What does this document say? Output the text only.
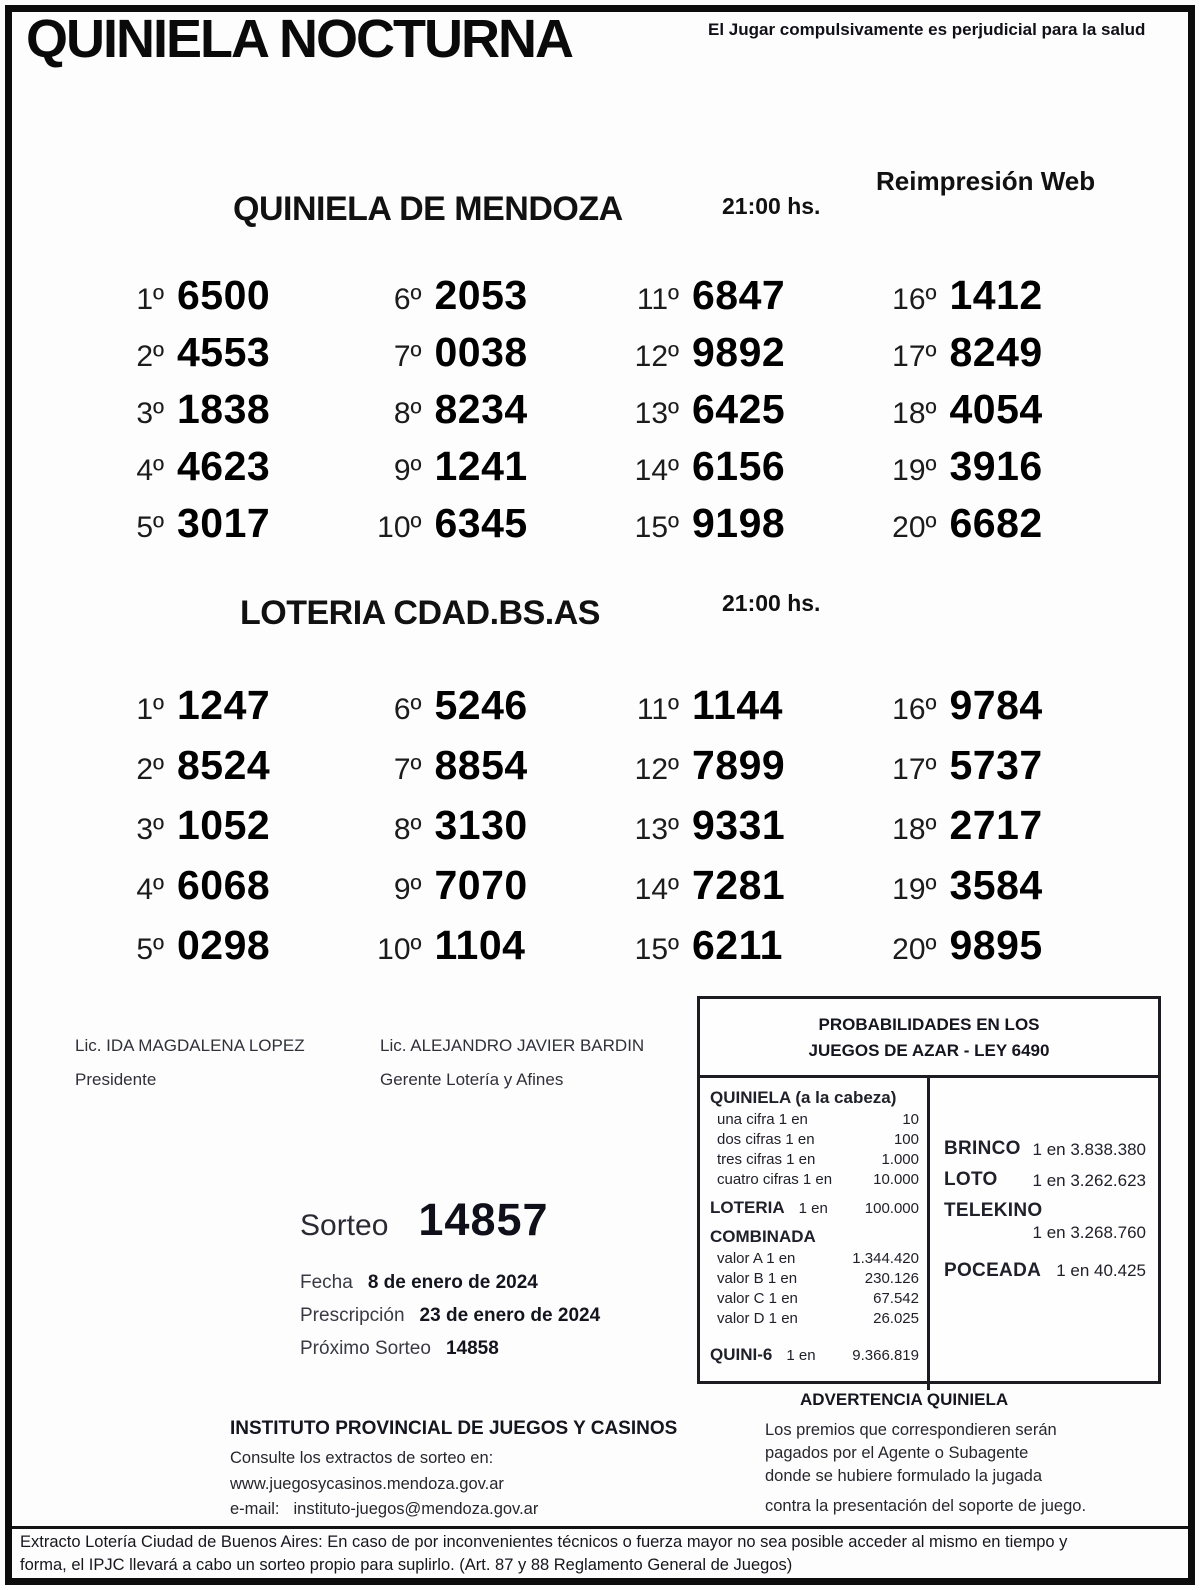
QUINIELA NOCTURNA	El Jugar compulsivamente es perjudicial para la salud
Reimpresión Web
QUINIELA DE MENDOZA	21:00 hs.
1º 6500
2º 4553
3º 1838
4º 4623
5º 3017
6º 2053
7º 0038
8º 8234
9º 1241
10º 6345
11º 6847
12º 9892
13º 6425
14º 6156
15º 9198
16º 1412
17º 8249
18º 4054
19º 3916
20º 6682
LOTERIA CDAD.BS.AS	21:00 hs.
1º 1247
2º 8524
3º 1052
4º 6068
5º 0298
6º 5246
7º 8854
8º 3130
9º 7070
10º 1104
11º 1144
12º 7899
13º 9331
14º 7281
15º 6211
16º 9784
17º 5737
18º 2717
19º 3584
20º 9895
Lic. IDA MAGDALENA LOPEZ
Presidente
Lic. ALEJANDRO JAVIER BARDIN
Gerente Lotería y Afines
PROBABILIDADES EN LOS
JUEGOS DE AZAR - LEY 6490
QUINIELA (a la cabeza)
una cifra 1 en	10
dos cifras 1 en	100
tres cifras 1 en	1.000
cuatro cifras 1 en	10.000
LOTERIA 1 en 100.000
COMBINADA
valor A 1 en	1.344.420
valor B 1 en	230.126
valor C 1 en	67.542
valor D 1 en	26.025
QUINI-6 1 en 9.366.819
BRINCO 1 en 3.838.380
LOTO 1 en 3.262.623
TELEKINO
1 en 3.268.760
POCEADA 1 en 40.425
Sorteo 14857
Fecha 8 de enero de 2024
Prescripción 23 de enero de 2024
Próximo Sorteo 14858
ADVERTENCIA QUINIELA
Los premios que correspondieren serán
pagados por el Agente o Subagente
donde se hubiere formulado la jugada
contra la presentación del soporte de juego.
INSTITUTO PROVINCIAL DE JUEGOS Y CASINOS
Consulte los extractos de sorteo en:
www.juegosycasinos.mendoza.gov.ar
e-mail: instituto-juegos@mendoza.gov.ar
Extracto Lotería Ciudad de Buenos Aires: En caso de por inconvenientes técnicos o fuerza mayor no sea posible acceder al mismo en tiempo y
forma, el IPJC llevará a cabo un sorteo propio para suplirlo. (Art. 87 y 88 Reglamento General de Juegos)
